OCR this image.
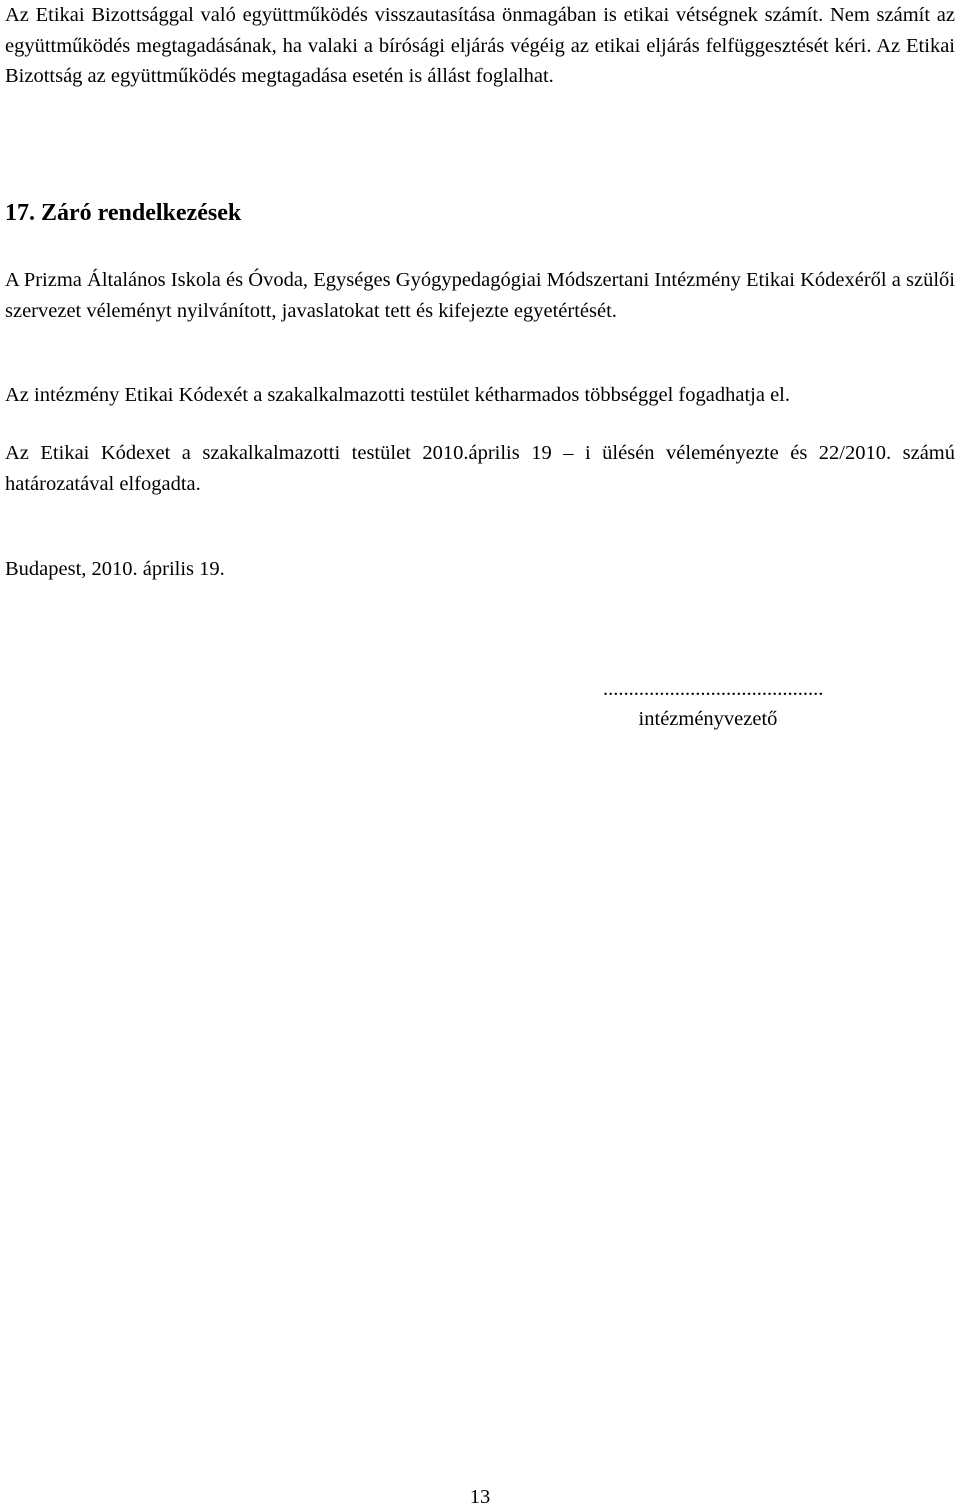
Az Etikai Bizottsággal való együttműködés visszautasítása önmagában is etikai vétségnek számít. Nem számít az együttműködés megtagadásának, ha valaki a bírósági eljárás végéig az etikai eljárás felfüggesztését kéri. Az Etikai Bizottság az együttműködés megtagadása esetén is állást foglalhat.

17. Záró rendelkezések

A Prizma Általános Iskola és Óvoda, Egységes Gyógypedagógiai Módszertani Intézmény Etikai Kódexéről a szülői szervezet véleményt nyilvánított, javaslatokat tett és kifejezte egyetértését.

Az intézmény Etikai Kódexét a szakalkalmazotti testület kétharmados többséggel fogadhatja el.

Az Etikai Kódexet a szakalkalmazotti testület 2010.április 19 – i ülésén véleményezte és 22/2010. számú határozatával elfogadta.

Budapest, 2010. április 19.

...........................................
intézményvezető
13
